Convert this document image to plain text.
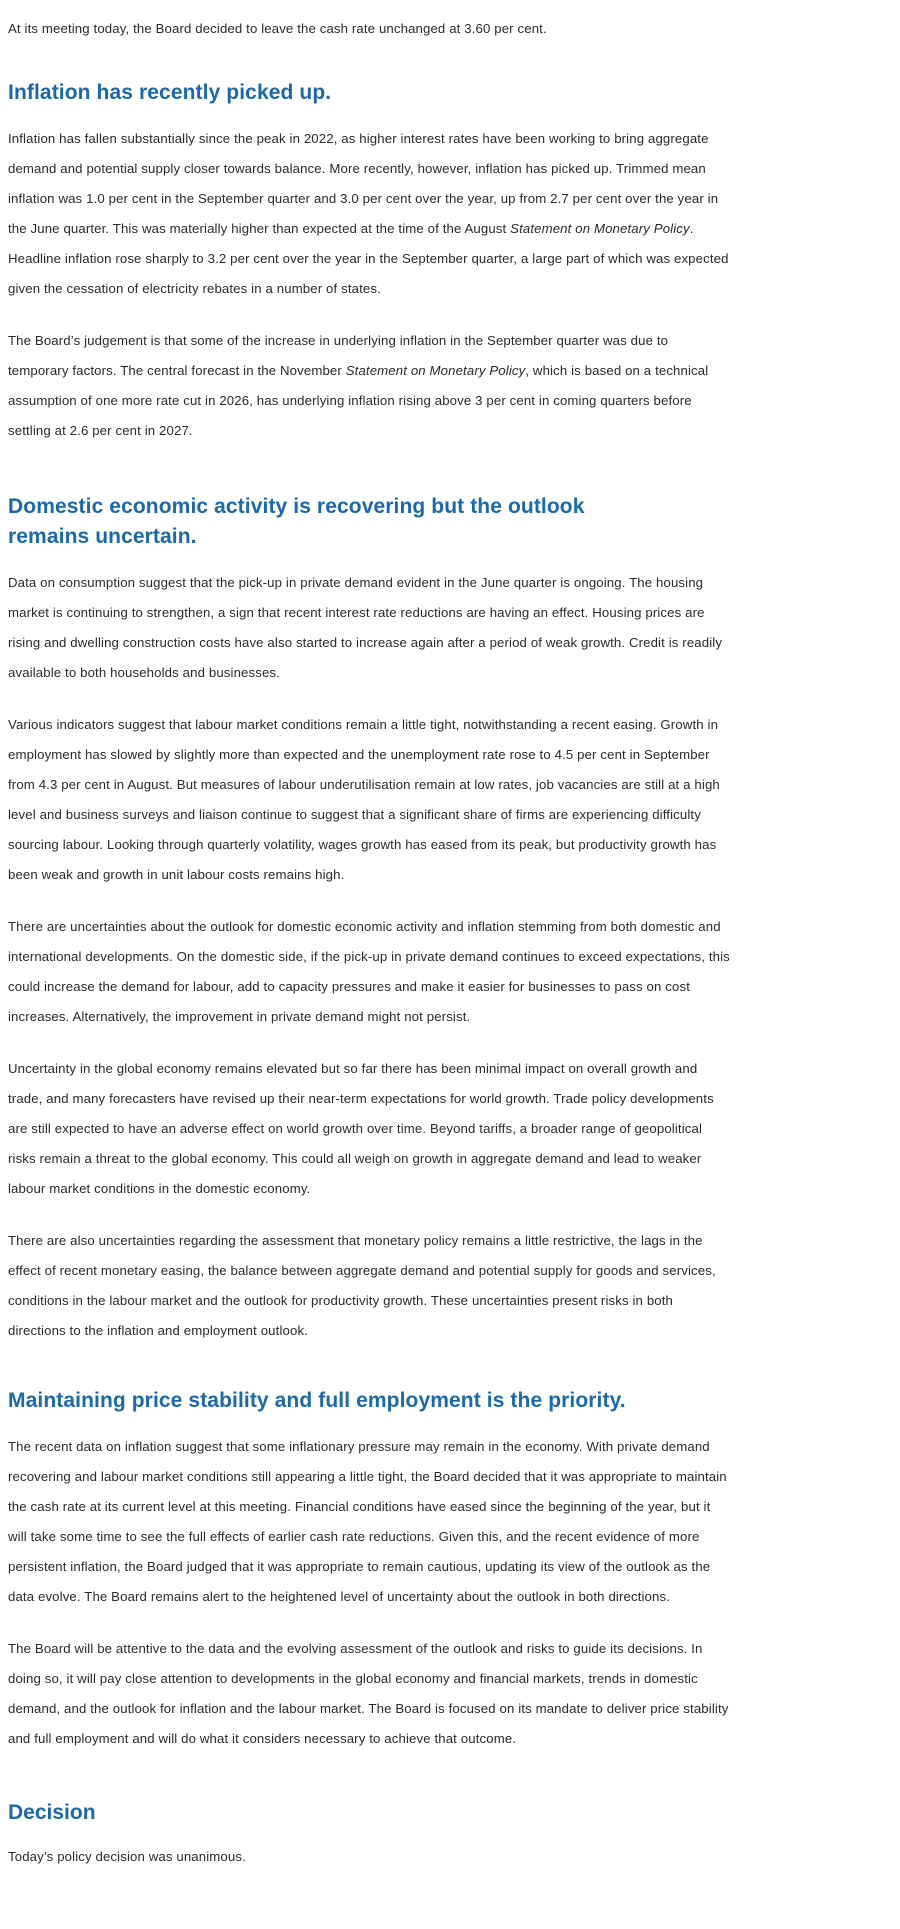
At its meeting today, the Board decided to leave the cash rate unchanged at 3.60 per cent.

Inflation has recently picked up.

Inflation has fallen substantially since the peak in 2022, as higher interest rates have been working to bring aggregate demand and potential supply closer towards balance. More recently, however, inflation has picked up. Trimmed mean inflation was 1.0 per cent in the September quarter and 3.0 per cent over the year, up from 2.7 per cent over the year in the June quarter. This was materially higher than expected at the time of the August Statement on Monetary Policy. Headline inflation rose sharply to 3.2 per cent over the year in the September quarter, a large part of which was expected given the cessation of electricity rebates in a number of states.

The Board’s judgement is that some of the increase in underlying inflation in the September quarter was due to temporary factors. The central forecast in the November Statement on Monetary Policy, which is based on a technical assumption of one more rate cut in 2026, has underlying inflation rising above 3 per cent in coming quarters before settling at 2.6 per cent in 2027.

Domestic economic activity is recovering but the outlook remains uncertain.

Data on consumption suggest that the pick-up in private demand evident in the June quarter is ongoing. The housing market is continuing to strengthen, a sign that recent interest rate reductions are having an effect. Housing prices are rising and dwelling construction costs have also started to increase again after a period of weak growth. Credit is readily available to both households and businesses.

Various indicators suggest that labour market conditions remain a little tight, notwithstanding a recent easing. Growth in employment has slowed by slightly more than expected and the unemployment rate rose to 4.5 per cent in September from 4.3 per cent in August. But measures of labour underutilisation remain at low rates, job vacancies are still at a high level and business surveys and liaison continue to suggest that a significant share of firms are experiencing difficulty sourcing labour. Looking through quarterly volatility, wages growth has eased from its peak, but productivity growth has been weak and growth in unit labour costs remains high.

There are uncertainties about the outlook for domestic economic activity and inflation stemming from both domestic and international developments. On the domestic side, if the pick-up in private demand continues to exceed expectations, this could increase the demand for labour, add to capacity pressures and make it easier for businesses to pass on cost increases. Alternatively, the improvement in private demand might not persist.

Uncertainty in the global economy remains elevated but so far there has been minimal impact on overall growth and trade, and many forecasters have revised up their near-term expectations for world growth. Trade policy developments are still expected to have an adverse effect on world growth over time. Beyond tariffs, a broader range of geopolitical risks remain a threat to the global economy. This could all weigh on growth in aggregate demand and lead to weaker labour market conditions in the domestic economy.

There are also uncertainties regarding the assessment that monetary policy remains a little restrictive, the lags in the effect of recent monetary easing, the balance between aggregate demand and potential supply for goods and services, conditions in the labour market and the outlook for productivity growth. These uncertainties present risks in both directions to the inflation and employment outlook.

Maintaining price stability and full employment is the priority.

The recent data on inflation suggest that some inflationary pressure may remain in the economy. With private demand recovering and labour market conditions still appearing a little tight, the Board decided that it was appropriate to maintain the cash rate at its current level at this meeting. Financial conditions have eased since the beginning of the year, but it will take some time to see the full effects of earlier cash rate reductions. Given this, and the recent evidence of more persistent inflation, the Board judged that it was appropriate to remain cautious, updating its view of the outlook as the data evolve. The Board remains alert to the heightened level of uncertainty about the outlook in both directions.

The Board will be attentive to the data and the evolving assessment of the outlook and risks to guide its decisions. In doing so, it will pay close attention to developments in the global economy and financial markets, trends in domestic demand, and the outlook for inflation and the labour market. The Board is focused on its mandate to deliver price stability and full employment and will do what it considers necessary to achieve that outcome.

Decision

Today’s policy decision was unanimous.
